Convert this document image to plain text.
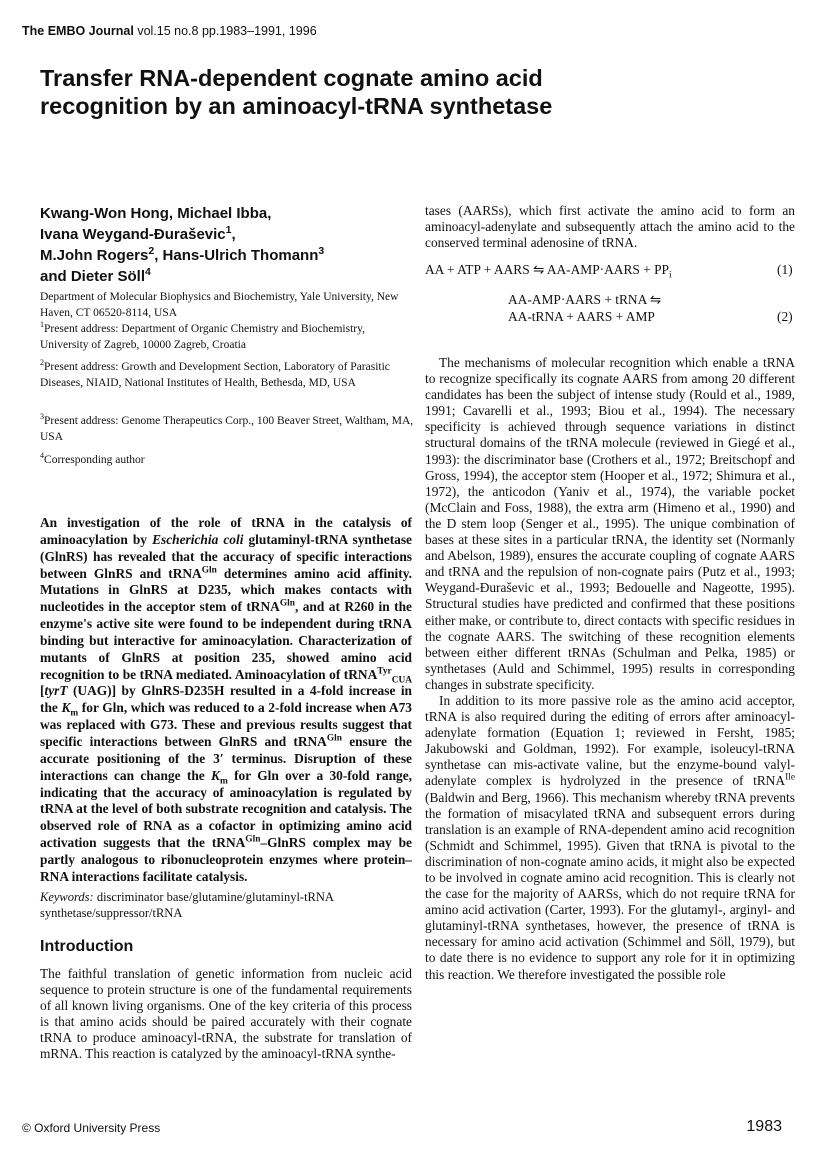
The EMBO Journal vol.15 no.8 pp.1983–1991, 1996
Transfer RNA-dependent cognate amino acid recognition by an aminoacyl-tRNA synthetase
Kwang-Won Hong, Michael Ibba,
Ivana Weygand-Đuraševic$^1$,
M.John Rogers$^2$, Hans-Ulrich Thomann$^3$
and Dieter Söll$^4$
Department of Molecular Biophysics and Biochemistry, Yale University, New Haven, CT 06520-8114, USA
$^1$Present address: Department of Organic Chemistry and Biochemistry, University of Zagreb, 10000 Zagreb, Croatia
$^2$Present address: Growth and Development Section, Laboratory of Parasitic Diseases, NIAID, National Institutes of Health, Bethesda, MD, USA
$^3$Present address: Genome Therapeutics Corp., 100 Beaver Street, Waltham, MA, USA
$^4$Corresponding author
An investigation of the role of tRNA in the catalysis of aminoacylation by Escherichia coli glutaminyl-tRNA synthetase (GlnRS) has revealed that the accuracy of specific interactions between GlnRS and tRNA$^{Gln}$ determines amino acid affinity. Mutations in GlnRS at D235, which makes contacts with nucleotides in the acceptor stem of tRNA$^{Gln}$, and at R260 in the enzyme's active site were found to be independent during tRNA binding but interactive for aminoacylation. Characterization of mutants of GlnRS at position 235, showed amino acid recognition to be tRNA mediated. Aminoacylation of tRNA$^{Tyr}_{CUA}$ [tyrT (UAG)] by GlnRS-D235H resulted in a 4-fold increase in the $K_m$ for Gln, which was reduced to a 2-fold increase when A73 was replaced with G73. These and previous results suggest that specific interactions between GlnRS and tRNA$^{Gln}$ ensure the accurate positioning of the 3′ terminus. Disruption of these interactions can change the $K_m$ for Gln over a 30-fold range, indicating that the accuracy of aminoacylation is regulated by tRNA at the level of both substrate recognition and catalysis. The observed role of RNA as a cofactor in optimizing amino acid activation suggests that the tRNA$^{Gln}$–GlnRS complex may be partly analogous to ribonucleoprotein enzymes where protein–RNA interactions facilitate catalysis.
Keywords: discriminator base/glutamine/glutaminyl-tRNA synthetase/suppressor/tRNA
Introduction
The faithful translation of genetic information from nucleic acid sequence to protein structure is one of the fundamental requirements of all known living organisms. One of the key criteria of this process is that amino acids should be paired accurately with their cognate tRNA to produce aminoacyl-tRNA, the substrate for translation of mRNA. This reaction is catalyzed by the aminoacyl-tRNA synthe-
tases (AARSs), which first activate the amino acid to form an aminoacyl-adenylate and subsequently attach the amino acid to the conserved terminal adenosine of tRNA.
AA + ATP + AARS ⇋ AA-AMP·AARS + $PP_i$	(1)
AA-AMP·AARS + tRNA ⇋
AA-tRNA + AARS + AMP	(2)

The mechanisms of molecular recognition which enable a tRNA to recognize specifically its cognate AARS from among 20 different candidates has been the subject of intense study (Rould et al., 1989, 1991; Cavarelli et al., 1993; Biou et al., 1994). The necessary specificity is achieved through sequence variations in distinct structural domains of the tRNA molecule (reviewed in Giegé et al., 1993): the discriminator base (Crothers et al., 1972; Breitschopf and Gross, 1994), the acceptor stem (Hooper et al., 1972; Shimura et al., 1972), the anticodon (Yaniv et al., 1974), the variable pocket (McClain and Foss, 1988), the extra arm (Himeno et al., 1990) and the D stem loop (Senger et al., 1995). The unique combination of bases at these sites in a particular tRNA, the identity set (Normanly and Abelson, 1989), ensures the accurate coupling of cognate AARS and tRNA and the repulsion of non-cognate pairs (Putz et al., 1993; Weygand-Đuraševic et al., 1993; Bedouelle and Nageotte, 1995). Structural studies have predicted and confirmed that these positions either make, or contribute to, direct contacts with specific residues in the cognate AARS. The switching of these recognition elements between either different tRNAs (Schulman and Pelka, 1985) or synthetases (Auld and Schimmel, 1995) results in corresponding changes in substrate specificity.

In addition to its more passive role as the amino acid acceptor, tRNA is also required during the editing of errors after aminoacyl-adenylate formation (Equation 1; reviewed in Fersht, 1985; Jakubowski and Goldman, 1992). For example, isoleucyl-tRNA synthetase can mis-activate valine, but the enzyme-bound valyl-adenylate complex is hydrolyzed in the presence of tRNA$^{Ile}$ (Baldwin and Berg, 1966). This mechanism whereby tRNA prevents the formation of misacylated tRNA and subsequent errors during translation is an example of RNA-dependent amino acid recognition (Schmidt and Schimmel, 1995). Given that tRNA is pivotal to the discrimination of non-cognate amino acids, it might also be expected to be involved in cognate amino acid recognition. This is clearly not the case for the majority of AARSs, which do not require tRNA for amino acid activation (Carter, 1993). For the glutamyl-, arginyl- and glutaminyl-tRNA synthetases, however, the presence of tRNA is necessary for amino acid activation (Schimmel and Söll, 1979), but to date there is no evidence to support any role for it in optimizing this reaction. We therefore investigated the possible role

© Oxford University Press	1983
